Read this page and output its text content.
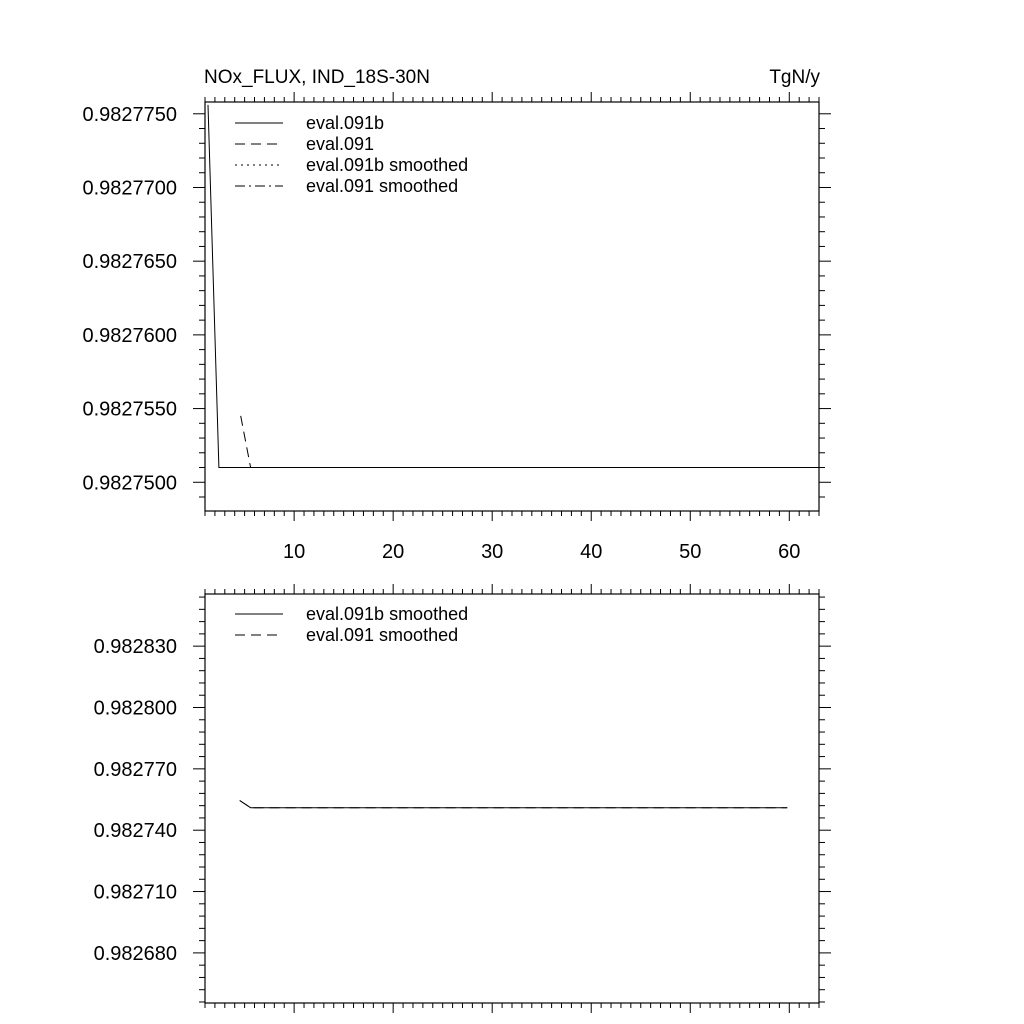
NOx_FLUX, IND_18S-30N	TgN/y
10	20	30	40	50	60
0.9827500
0.9827550
0.9827600
0.9827650
0.9827700
0.9827750	eval.091b
eval.091
eval.091b smoothed
eval.091 smoothed
0.982680
0.982710
0.982740
0.982770
0.982800
0.982830
eval.091b smoothed
eval.091 smoothed
